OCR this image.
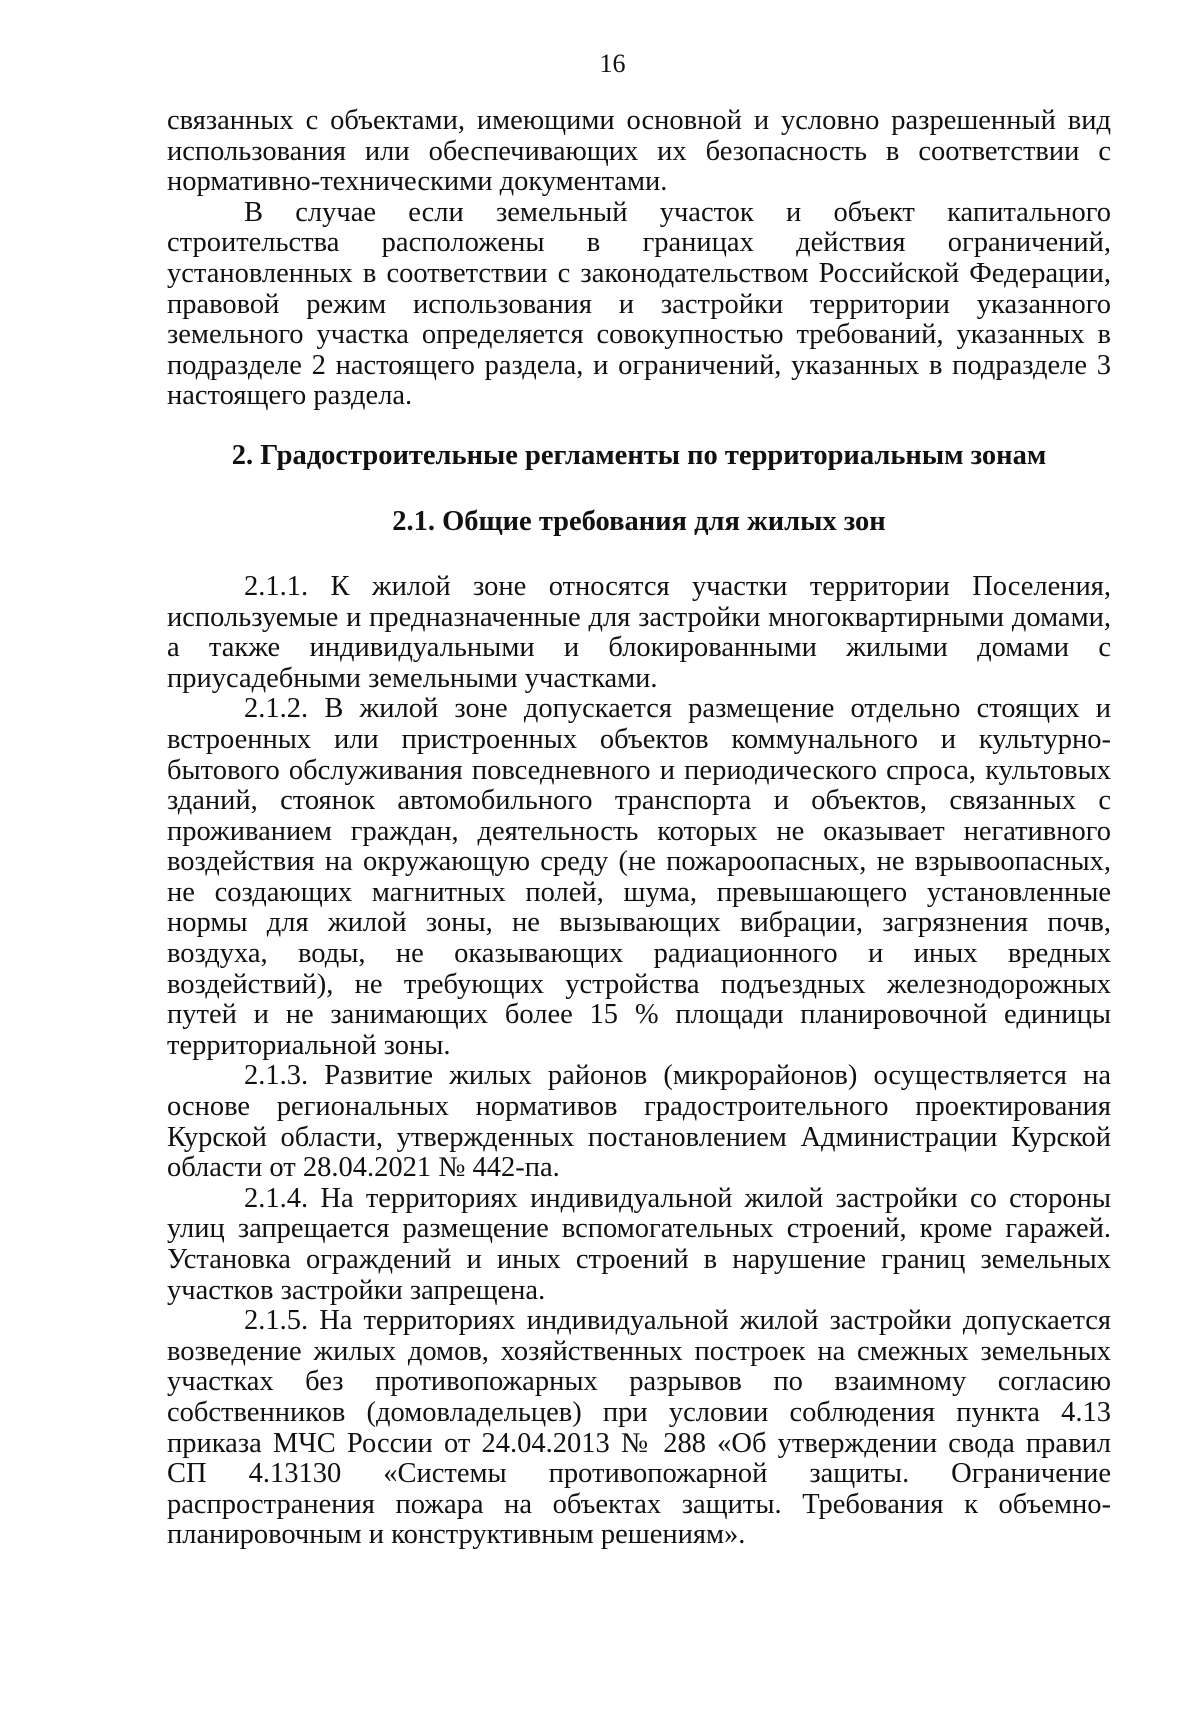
16

связанных с объектами, имеющими основной и условно разрешенный вид использования или обеспечивающих их безопасность в соответствии с нормативно-техническими документами.

В случае если земельный участок и объект капитального строительства расположены в границах действия ограничений, установленных в соответствии с законодательством Российской Федерации, правовой режим использования и застройки территории указанного земельного участка определяется совокупностью требований, указанных в подразделе 2 настоящего раздела, и ограничений, указанных в подразделе 3 настоящего раздела.

2. Градостроительные регламенты по территориальным зонам
2.1. Общие требования для жилых зон

2.1.1. К жилой зоне относятся участки территории Поселения, используемые и предназначенные для застройки многоквартирными домами, а также индивидуальными и блокированными жилыми домами с приусадебными земельными участками.

2.1.2. В жилой зоне допускается размещение отдельно стоящих и встроенных или пристроенных объектов коммунального и культурно-бытового обслуживания повседневного и периодического спроса, культовых зданий, стоянок автомобильного транспорта и объектов, связанных с проживанием граждан, деятельность которых не оказывает негативного воздействия на окружающую среду (не пожароопасных, не взрывоопасных, не создающих магнитных полей, шума, превышающего установленные нормы для жилой зоны, не вызывающих вибрации, загрязнения почв, воздуха, воды, не оказывающих радиационного и иных вредных воздействий), не требующих устройства подъездных железнодорожных путей и не занимающих более 15 % площади планировочной единицы территориальной зоны.

2.1.3. Развитие жилых районов (микрорайонов) осуществляется на основе региональных нормативов градостроительного проектирования Курской области, утвержденных постановлением Администрации Курской области от 28.04.2021 № 442-па.

2.1.4. На территориях индивидуальной жилой застройки со стороны улиц запрещается размещение вспомогательных строений, кроме гаражей. Установка ограждений и иных строений в нарушение границ земельных участков застройки запрещена.

2.1.5. На территориях индивидуальной жилой застройки допускается возведение жилых домов, хозяйственных построек на смежных земельных участках без противопожарных разрывов по взаимному согласию собственников (домовладельцев) при условии соблюдения пункта 4.13 приказа МЧС России от 24.04.2013 № 288 «Об утверждении свода правил СП 4.13130 «Системы противопожарной защиты. Ограничение распространения пожара на объектах защиты. Требования к объемно-планировочным и конструктивным решениям».
